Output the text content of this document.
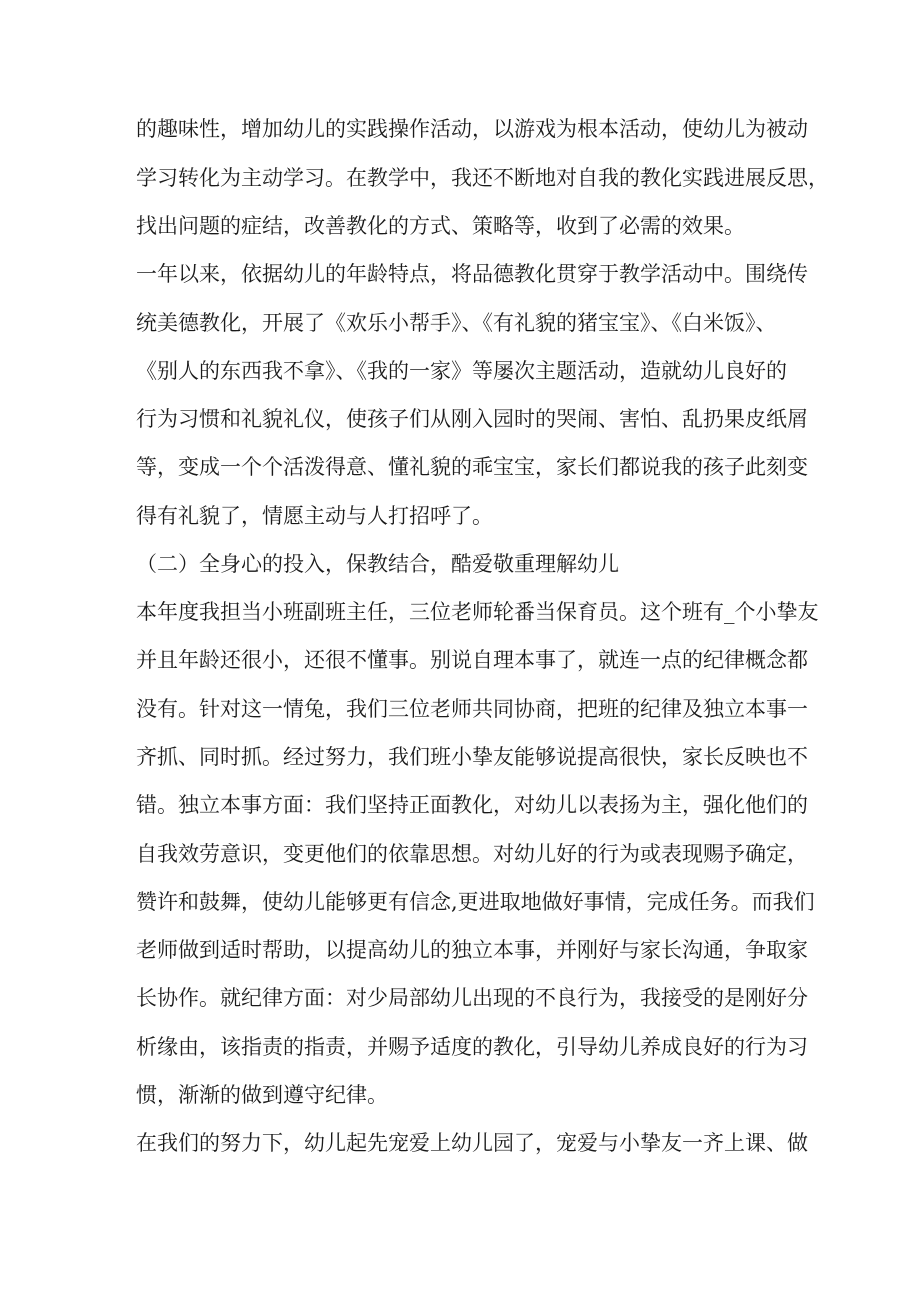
的趣味性，增加幼儿的实践操作活动，以游戏为根本活动，使幼儿为被动
学习转化为主动学习。在教学中，我还不断地对自我的教化实践进展反思，
找出问题的症结，改善教化的方式、策略等，收到了必需的效果。
一年以来，依据幼儿的年龄特点，将品德教化贯穿于教学活动中。围绕传
统美德教化，开展了《欢乐小帮手》、《有礼貌的猪宝宝》、《白米饭》、
《别人的东西我不拿》、《我的一家》等屡次主题活动，造就幼儿良好的
行为习惯和礼貌礼仪，使孩子们从刚入园时的哭闹、害怕、乱扔果皮纸屑
等，变成一个个活泼得意、懂礼貌的乖宝宝，家长们都说我的孩子此刻变
得有礼貌了，情愿主动与人打招呼了。
（二）全身心的投入，保教结合，酷爱敬重理解幼儿
本年度我担当小班副班主任，三位老师轮番当保育员。这个班有_个小挚友
并且年龄还很小，还很不懂事。别说自理本事了，就连一点的纪律概念都
没有。针对这一情兔，我们三位老师共同协商，把班的纪律及独立本事一
齐抓、同时抓。经过努力，我们班小挚友能够说提高很快，家长反映也不
错。独立本事方面：我们坚持正面教化，对幼儿以表扬为主，强化他们的
自我效劳意识，变更他们的依靠思想。对幼儿好的行为或表现赐予确定，
赞许和鼓舞，使幼儿能够更有信念,更进取地做好事情，完成任务。而我们
老师做到适时帮助，以提高幼儿的独立本事，并刚好与家长沟通，争取家
长协作。就纪律方面：对少局部幼儿出现的不良行为，我接受的是刚好分
析缘由，该指责的指责，并赐予适度的教化，引导幼儿养成良好的行为习
惯，渐渐的做到遵守纪律。
在我们的努力下，幼儿起先宠爱上幼儿园了，宠爱与小挚友一齐上课、做
